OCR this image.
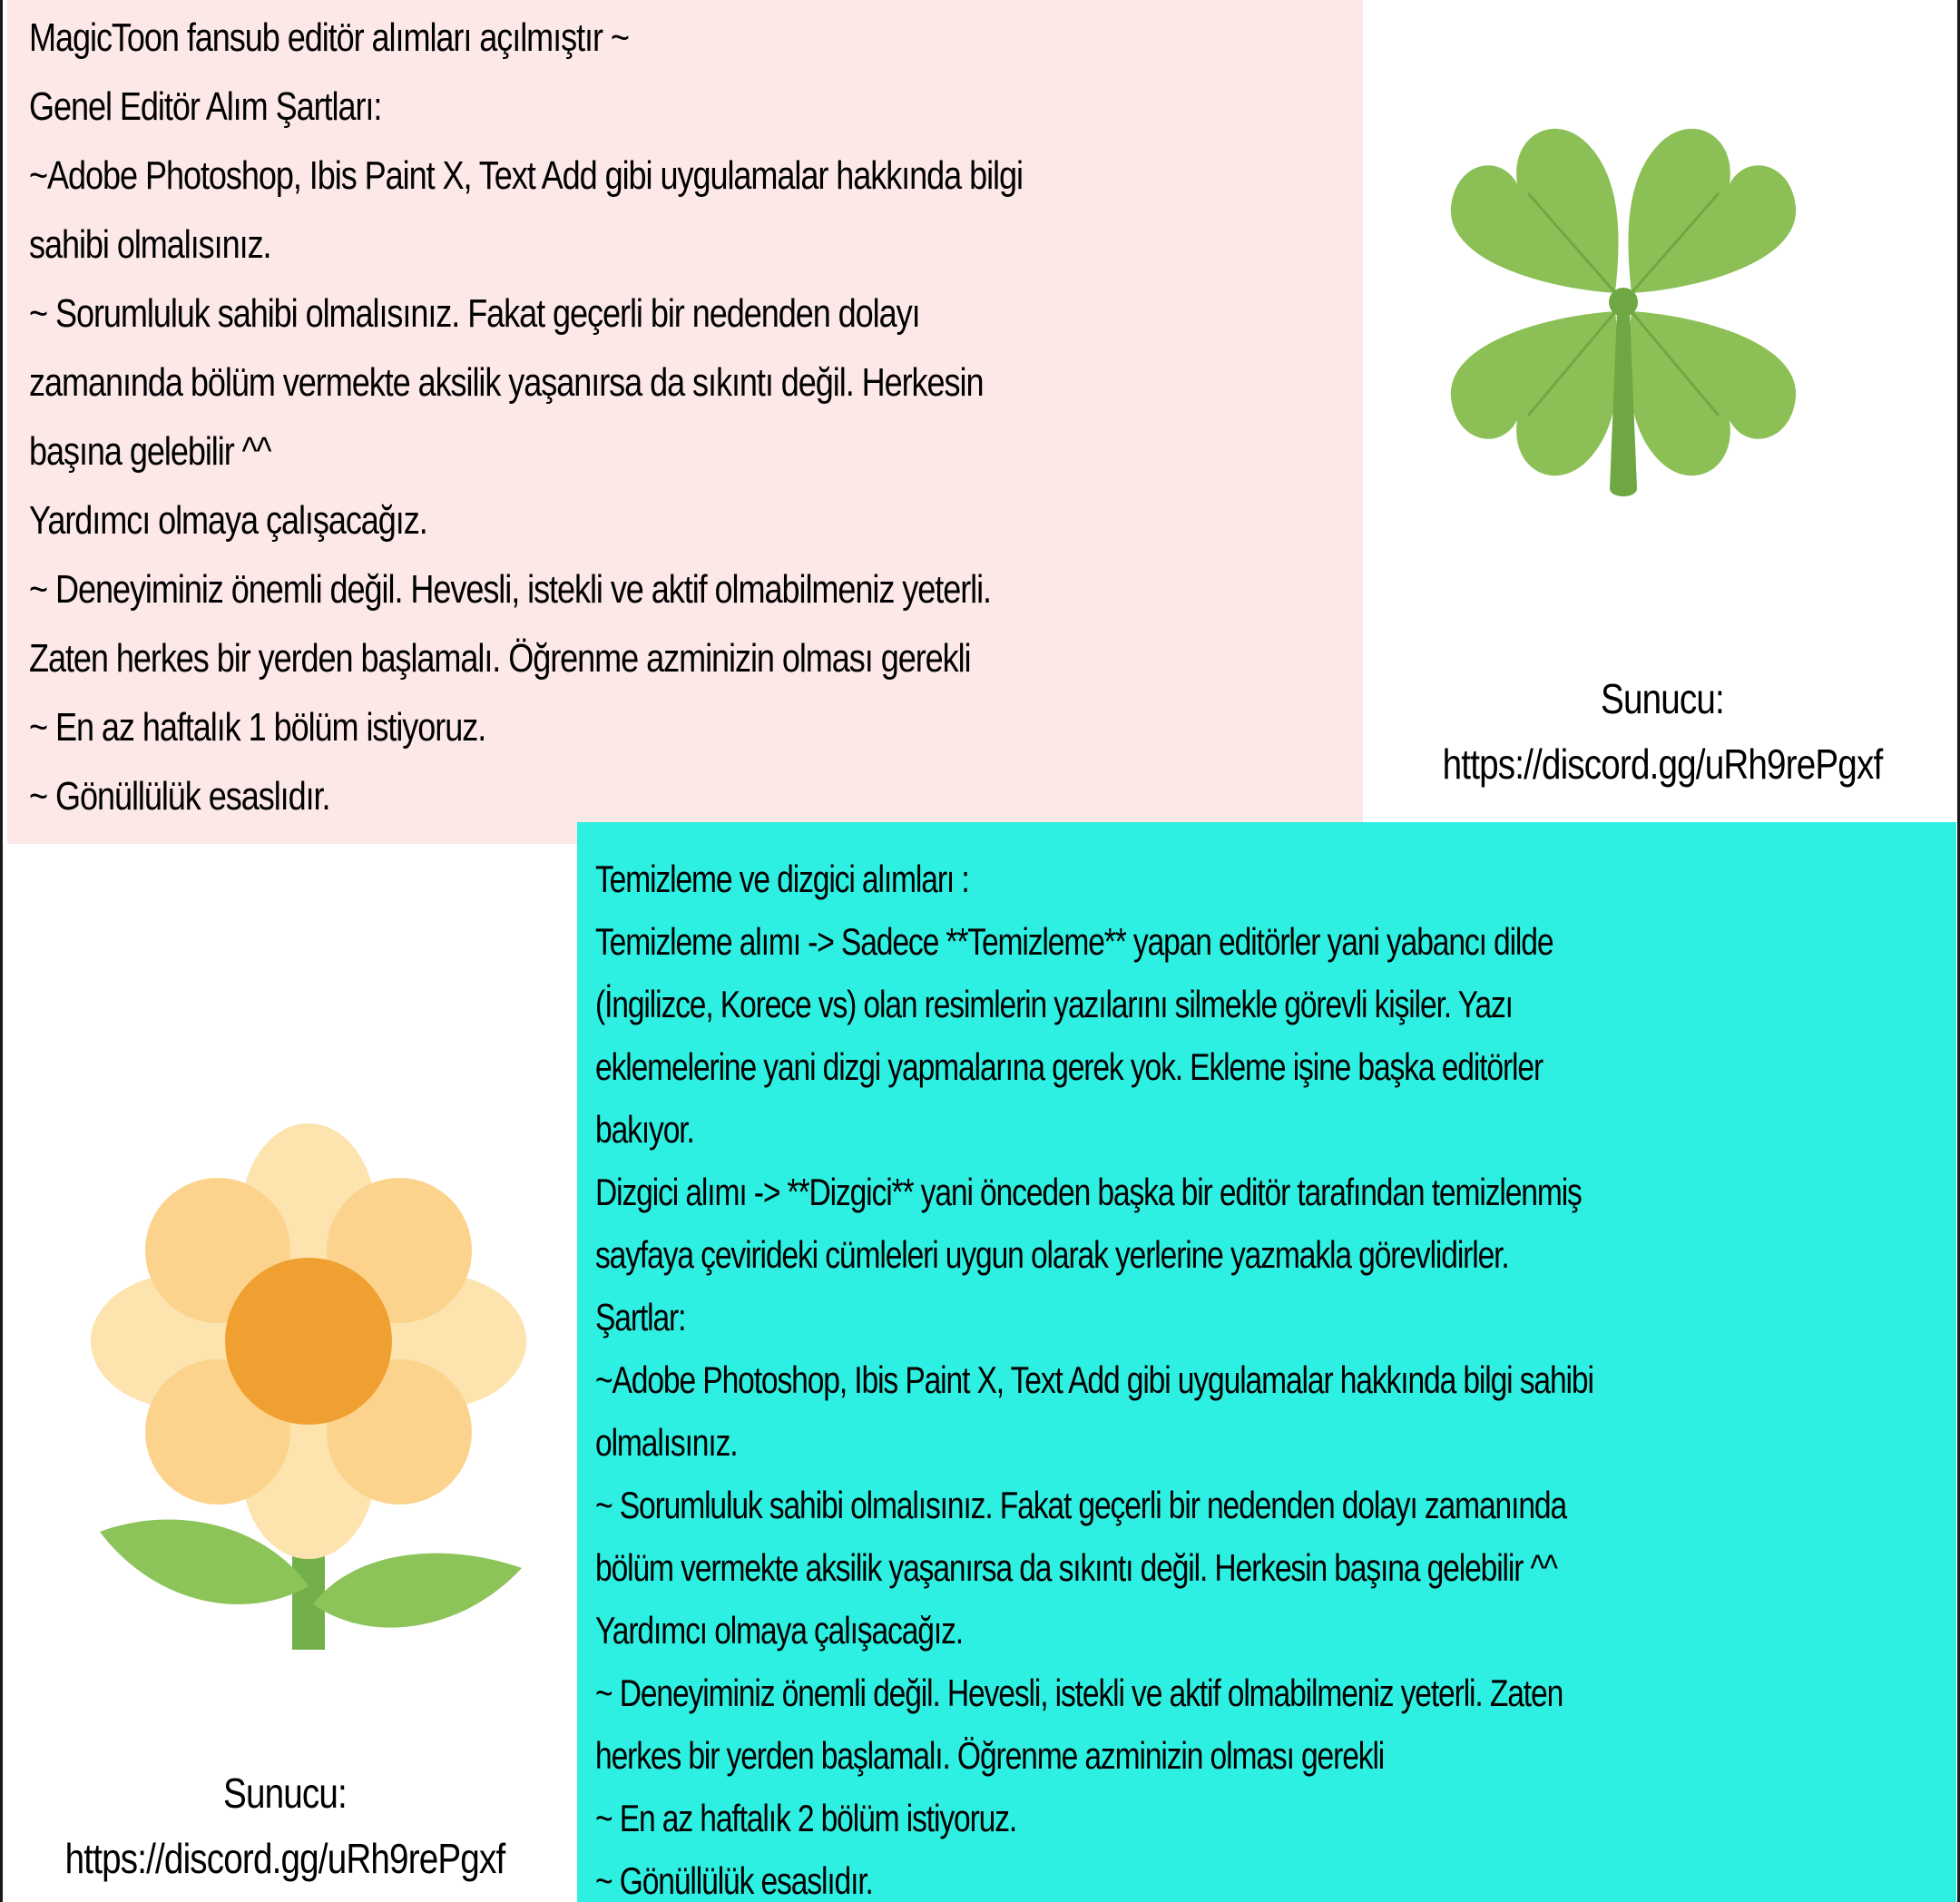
MagicToon fansub editör alımları açılmıştır ~
Genel Editör Alım Şartları:
~Adobe Photoshop, Ibis Paint X, Text Add gibi uygulamalar hakkında bilgi
sahibi olmalısınız.
~ Sorumluluk sahibi olmalısınız. Fakat geçerli bir nedenden dolayı
zamanında bölüm vermekte aksilik yaşanırsa da sıkıntı değil. Herkesin
başına gelebilir ^^
Yardımcı olmaya çalışacağız.
~ Deneyiminiz önemli değil. Hevesli, istekli ve aktif olmabilmeniz yeterli.
Zaten herkes bir yerden başlamalı. Öğrenme azminizin olması gerekli
~ En az haftalık 1 bölüm istiyoruz.
~ Gönüllülük esaslıdır.
Sunucu:
https://discord.gg/uRh9rePgxf
Sunucu:
https://discord.gg/uRh9rePgxf
Temizleme ve dizgici alımları :
Temizleme alımı -> Sadece **Temizleme** yapan editörler yani yabancı dilde
(İngilizce, Korece vs) olan resimlerin yazılarını silmekle görevli kişiler. Yazı
eklemelerine yani dizgi yapmalarına gerek yok. Ekleme işine başka editörler
bakıyor.
Dizgici alımı -> **Dizgici** yani önceden başka bir editör tarafından temizlenmiş
sayfaya çevirideki cümleleri uygun olarak yerlerine yazmakla görevlidirler.
Şartlar:
~Adobe Photoshop, Ibis Paint X, Text Add gibi uygulamalar hakkında bilgi sahibi
olmalısınız.
~ Sorumluluk sahibi olmalısınız. Fakat geçerli bir nedenden dolayı zamanında
bölüm vermekte aksilik yaşanırsa da sıkıntı değil. Herkesin başına gelebilir ^^
Yardımcı olmaya çalışacağız.
~ Deneyiminiz önemli değil. Hevesli, istekli ve aktif olmabilmeniz yeterli. Zaten
herkes bir yerden başlamalı. Öğrenme azminizin olması gerekli
~ En az haftalık 2 bölüm istiyoruz.
~ Gönüllülük esaslıdır.
